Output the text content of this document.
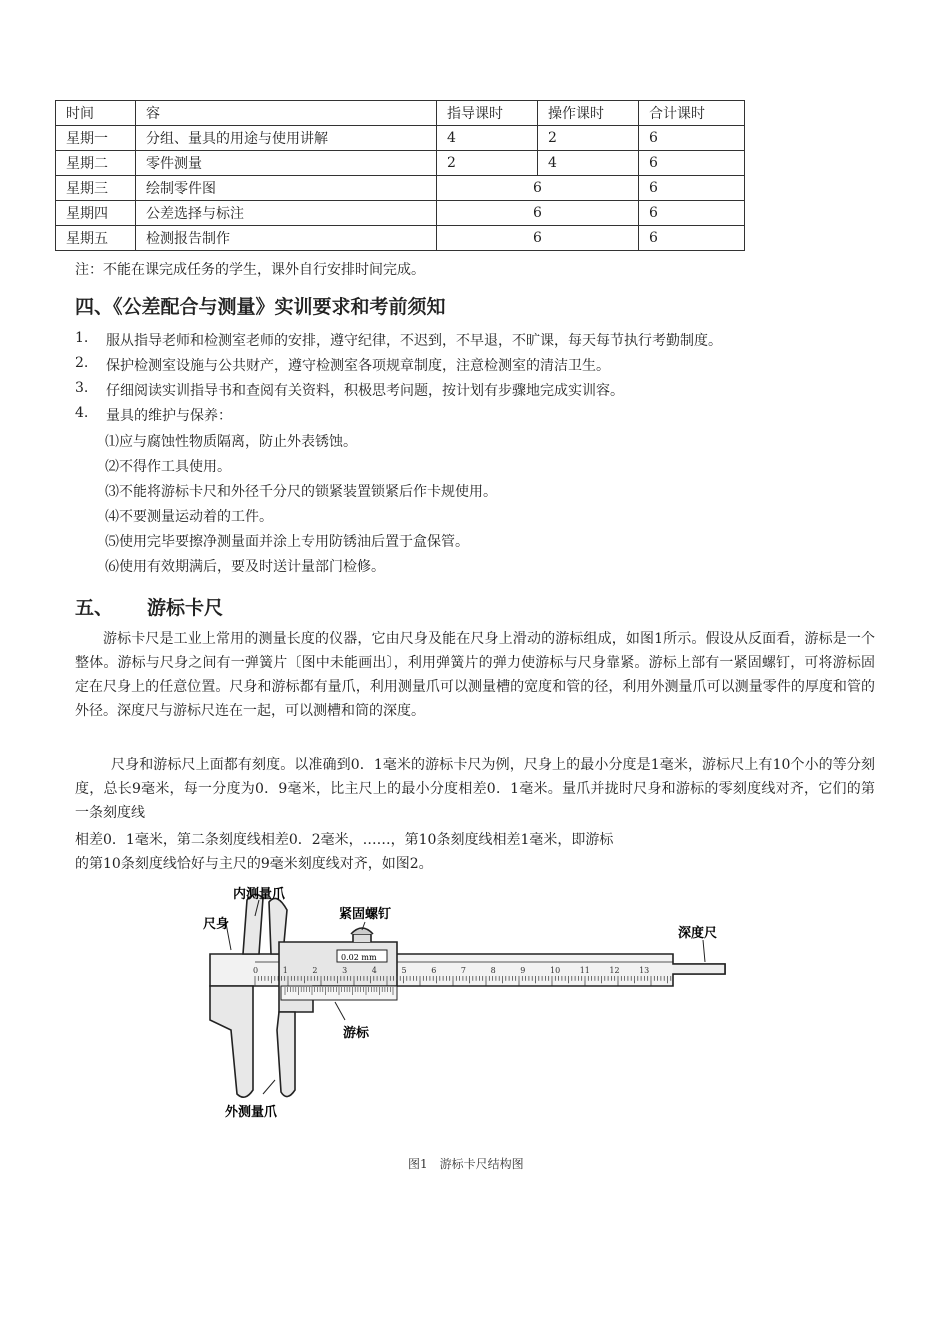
时间	容	指导课时	操作课时	合计课时
星期一	分组、量具的用途与使用讲解	4	2	6
星期二	零件测量	2	4	6
星期三	绘制零件图	6		6
星期四	公差选择与标注	6		6
星期五	检测报告制作	6		6
注：不能在课完成任务的学生，课外自行安排时间完成。
四、《公差配合与测量》实训要求和考前须知
1.	服从指导老师和检测室老师的安排，遵守纪律，不迟到，不早退，不旷课，每天每节执行考勤制度。
2.	保护检测室设施与公共财产，遵守检测室各项规章制度，注意检测室的清洁卫生。
3.	仔细阅读实训指导书和查阅有关资料，积极思考问题，按计划有步骤地完成实训容。
4.	量具的维护与保养：
⑴应与腐蚀性物质隔离，防止外表锈蚀。
⑵不得作工具使用。
⑶不能将游标卡尺和外径千分尺的锁紧装置锁紧后作卡规使用。
⑷不要测量运动着的工件。
⑸使用完毕要擦净测量面并涂上专用防锈油后置于盒保管。
⑹使用有效期满后，要及时送计量部门检修。
五、 游标卡尺

游标卡尺是工业上常用的测量长度的仪器，它由尺身及能在尺身上滑动的游标组成，如图1所示。假设从反面看，游标是一个整体。游标与尺身之间有一弹簧片〔图中未能画出〕，利用弹簧片的弹力使游标与尺身靠紧。游标上部有一紧固螺钉，可将游标固定在尺身上的任意位置。尺身和游标都有量爪，利用测量爪可以测量槽的宽度和管的径，利用外测量爪可以测量零件的厚度和管的外径。深度尺与游标尺连在一起，可以测槽和筒的深度。

尺身和游标尺上面都有刻度。以准确到0．1毫米的游标卡尺为例，尺身上的最小分度是1毫米，游标尺上有10个小的等分刻度，总长9毫米，每一分度为0．9毫米，比主尺上的最小分度相差0．1毫米。量爪并拢时尺身和游标的零刻度线对齐，它们的第一条刻度线

相差0．1毫米，第二条刻度线相差0．2毫米，……，第10条刻度线相差1毫米，即游标
的第10条刻度线恰好与主尺的9毫米刻度线对齐，如图2。
0	1	2	3	4	5	6	7	8	9	10 11 12 13
内测量爪
尺身
紧固螺钉
深度尺
游标
外测量爪
0.02 mm
图1　游标卡尺结构图
